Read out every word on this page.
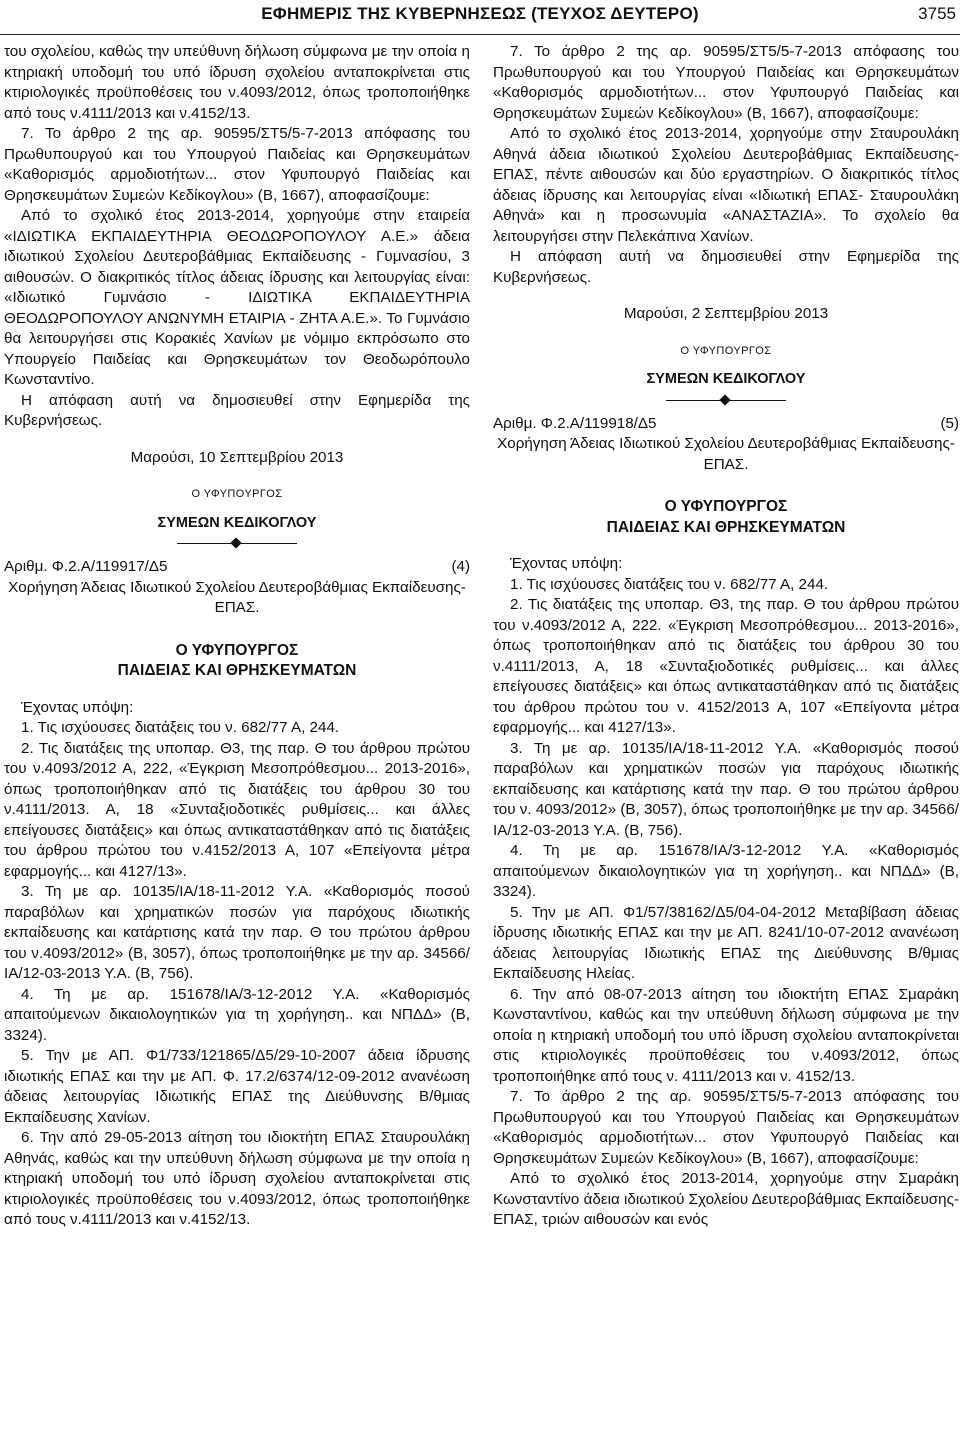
ΕΦΗΜΕΡΙΣ ΤΗΣ ΚΥΒΕΡΝΗΣΕΩΣ (ΤΕΥΧΟΣ ΔΕΥΤΕΡΟ)	3755

του σχολείου, καθώς την υπεύθυνη δήλωση σύμφωνα με την οποία η κτηριακή υποδομή του υπό ίδρυση σχολείου ανταποκρίνεται στις κτιριολογικές προϋποθέσεις του ν.4093/2012, όπως τροποποιήθηκε από τους ν.4111/2013 και ν.4152/13.

7. Το άρθρο 2 της αρ. 90595/ΣΤ5/5-7-2013 απόφασης του Πρωθυπουργού και του Υπουργού Παιδείας και Θρησκευμάτων «Καθορισμός αρμοδιοτήτων... στον Υφυπουργό Παιδείας και Θρησκευμάτων Συμεών Κεδίκογλου» (Β, 1667), αποφασίζουμε:

Από το σχολικό έτος 2013-2014, χορηγούμε στην εταιρεία «ΙΔΙΩΤΙΚΑ ΕΚΠΑΙΔΕΥΤΗΡΙΑ ΘΕΟΔΩΡΟΠΟΥΛΟΥ Α.Ε.» άδεια ιδιωτικού Σχολείου Δευτεροβάθμιας Εκπαίδευσης - Γυμνασίου, 3 αιθουσών. Ο διακριτικός τίτλος άδειας ίδρυσης και λειτουργίας είναι: «Ιδιωτικό Γυμνάσιο - ΙΔΙΩΤΙΚΑ ΕΚΠΑΙΔΕΥΤΗΡΙΑ ΘΕΟΔΩΡΟΠΟΥΛΟΥ ΑΝΩΝΥΜΗ ΕΤΑΙΡΙΑ - ΖΗΤΑ Α.Ε.». Το Γυμνάσιο θα λειτουργήσει στις Κορακιές Χανίων με νόμιμο εκπρόσωπο στο Υπουργείο Παιδείας και Θρησκευμάτων τον Θεοδωρόπουλο Κωνσταντίνο.

Η απόφαση αυτή να δημοσιευθεί στην Εφημερίδα της Κυβερνήσεως.

Μαρούσι, 10 Σεπτεμβρίου 2013

Ο ΥΦΥΠΟΥΡΓΟΣ

ΣΥΜΕΩΝ ΚΕΔΙΚΟΓΛΟΥ

Αριθμ. Φ.2.Α/119917/Δ5	(4)

Χορήγηση Άδειας Ιδιωτικού Σχολείου Δευτεροβάθμιας Εκπαίδευσης- ΕΠΑΣ.

Ο ΥΦΥΠΟΥΡΓΟΣ

ΠΑΙΔΕΙΑΣ ΚΑΙ ΘΡΗΣΚΕΥΜΑΤΩΝ

Έχοντας υπόψη:

1. Τις ισχύουσες διατάξεις του ν. 682/77 Α, 244.

2. Τις διατάξεις της υποπαρ. Θ3, της παρ. Θ του άρθρου πρώτου του ν.4093/2012 Α, 222, «Έγκριση Μεσοπρόθεσμου... 2013-2016», όπως τροποποιήθηκαν από τις διατάξεις του άρθρου 30 του ν.4111/2013. Α, 18 «Συνταξιοδοτικές ρυθμίσεις... και άλλες επείγουσες διατάξεις» και όπως αντικαταστάθηκαν από τις διατάξεις του άρθρου πρώτου του ν.4152/2013 Α, 107 «Επείγοντα μέτρα εφαρμογής... και 4127/13».

3. Τη με αρ. 10135/ΙΑ/18-11-2012 Υ.Α. «Καθορισμός ποσού παραβόλων και χρηματικών ποσών για παρόχους ιδιωτικής εκπαίδευσης και κατάρτισης κατά την παρ. Θ του πρώτου άρθρου του ν.4093/2012» (Β, 3057), όπως τροποποιήθηκε με την αρ. 34566/ΙΑ/12-03-2013 Υ.Α. (Β, 756).

4. Τη με αρ. 151678/ΙΑ/3-12-2012 Υ.Α. «Καθορισμός απαιτούμενων δικαιολογητικών για τη χορήγηση.. και ΝΠΔΔ» (Β, 3324).

5. Την με ΑΠ. Φ1/733/121865/Δ5/29-10-2007 άδεια ίδρυσης ιδιωτικής ΕΠΑΣ και την με ΑΠ. Φ. 17.2/6374/12-09-2012 ανανέωση άδειας λειτουργίας Ιδιωτικής ΕΠΑΣ της Διεύθυνσης Β/θμιας Εκπαίδευσης Χανίων.

6. Την από 29-05-2013 αίτηση του ιδιοκτήτη ΕΠΑΣ Σταυρουλάκη Αθηνάς, καθώς και την υπεύθυνη δήλωση σύμφωνα με την οποία η κτηριακή υποδομή του υπό ίδρυση σχολείου ανταποκρίνεται στις κτιριολογικές προϋποθέσεις του ν.4093/2012, όπως τροποποιήθηκε από τους ν.4111/2013 και ν.4152/13.

7. Το άρθρο 2 της αρ. 90595/ΣΤ5/5-7-2013 απόφασης του Πρωθυπουργού και του Υπουργού Παιδείας και Θρησκευμάτων «Καθορισμός αρμοδιοτήτων... στον Υφυπουργό Παιδείας και Θρησκευμάτων Συμεών Κεδίκογλου» (Β, 1667), αποφασίζουμε:

Από το σχολικό έτος 2013-2014, χορηγούμε στην Σταυρουλάκη Αθηνά άδεια ιδιωτικού Σχολείου Δευτεροβάθμιας Εκπαίδευσης- ΕΠΑΣ, πέντε αιθουσών και δύο εργαστηρίων. Ο διακριτικός τίτλος άδειας ίδρυσης και λειτουργίας είναι «Ιδιωτική ΕΠΑΣ- Σταυρουλάκη Αθηνά» και η προσωνυμία «ΑΝΑΣΤΑΖΙΑ». Το σχολείο θα λειτουργήσει στην Πελεκάπινα Χανίων.

Η απόφαση αυτή να δημοσιευθεί στην Εφημερίδα της Κυβερνήσεως.

Μαρούσι, 2 Σεπτεμβρίου 2013

Ο ΥΦΥΠΟΥΡΓΟΣ

ΣΥΜΕΩΝ ΚΕΔΙΚΟΓΛΟΥ

Αριθμ. Φ.2.Α/119918/Δ5	(5)

Χορήγηση Άδειας Ιδιωτικού Σχολείου Δευτεροβάθμιας Εκπαίδευσης- ΕΠΑΣ.

Ο ΥΦΥΠΟΥΡΓΟΣ

ΠΑΙΔΕΙΑΣ ΚΑΙ ΘΡΗΣΚΕΥΜΑΤΩΝ

Έχοντας υπόψη:

1. Τις ισχύουσες διατάξεις του ν. 682/77 Α, 244.

2. Τις διατάξεις της υποπαρ. Θ3, της παρ. Θ του άρθρου πρώτου του ν.4093/2012 Α, 222. «Έγκριση Μεσοπρόθεσμου... 2013-2016», όπως τροποποιήθηκαν από τις διατάξεις του άρθρου 30 του ν.4111/2013, Α, 18 «Συνταξιοδοτικές ρυθμίσεις... και άλλες επείγουσες διατάξεις» και όπως αντικαταστάθηκαν από τις διατάξεις του άρθρου πρώτου του ν. 4152/2013 Α, 107 «Επείγοντα μέτρα εφαρμογής... και 4127/13».

3. Τη με αρ. 10135/ΙΑ/18-11-2012 Υ.Α. «Καθορισμός ποσού παραβόλων και χρηματικών ποσών για παρόχους ιδιωτικής εκπαίδευσης και κατάρτισης κατά την παρ. Θ του πρώτου άρθρου του ν. 4093/2012» (Β, 3057), όπως τροποποιήθηκε με την αρ. 34566/ΙΑ/12-03-2013 Υ.Α. (Β, 756).

4. Τη με αρ. 151678/ΙΑ/3-12-2012 Υ.Α. «Καθορισμός απαιτούμενων δικαιολογητικών για τη χορήγηση.. και ΝΠΔΔ» (Β, 3324).

5. Την με ΑΠ. Φ1/57/38162/Δ5/04-04-2012 Μεταβίβαση άδειας ίδρυσης ιδιωτικής ΕΠΑΣ και την με ΑΠ. 8241/10-07-2012 ανανέωση άδειας λειτουργίας Ιδιωτικής ΕΠΑΣ της Διεύθυνσης Β/θμιας Εκπαίδευσης Ηλείας.

6. Την από 08-07-2013 αίτηση του ιδιοκτήτη ΕΠΑΣ Σμαράκη Κωνσταντίνου, καθώς και την υπεύθυνη δήλωση σύμφωνα με την οποία η κτηριακή υποδομή του υπό ίδρυση σχολείου ανταποκρίνεται στις κτιριολογικές προϋποθέσεις του ν.4093/2012, όπως τροποποιήθηκε από τους ν. 4111/2013 και ν. 4152/13.

7. Το άρθρο 2 της αρ. 90595/ΣΤ5/5-7-2013 απόφασης του Πρωθυπουργού και του Υπουργού Παιδείας και Θρησκευμάτων «Καθορισμός αρμοδιοτήτων... στον Υφυπουργό Παιδείας και Θρησκευμάτων Συμεών Κεδίκογλου» (Β, 1667), αποφασίζουμε:

Από το σχολικό έτος 2013-2014, χορηγούμε στην Σμαράκη Κωνσταντίνο άδεια ιδιωτικού Σχολείου Δευτεροβάθμιας Εκπαίδευσης- ΕΠΑΣ, τριών αιθουσών και ενός
